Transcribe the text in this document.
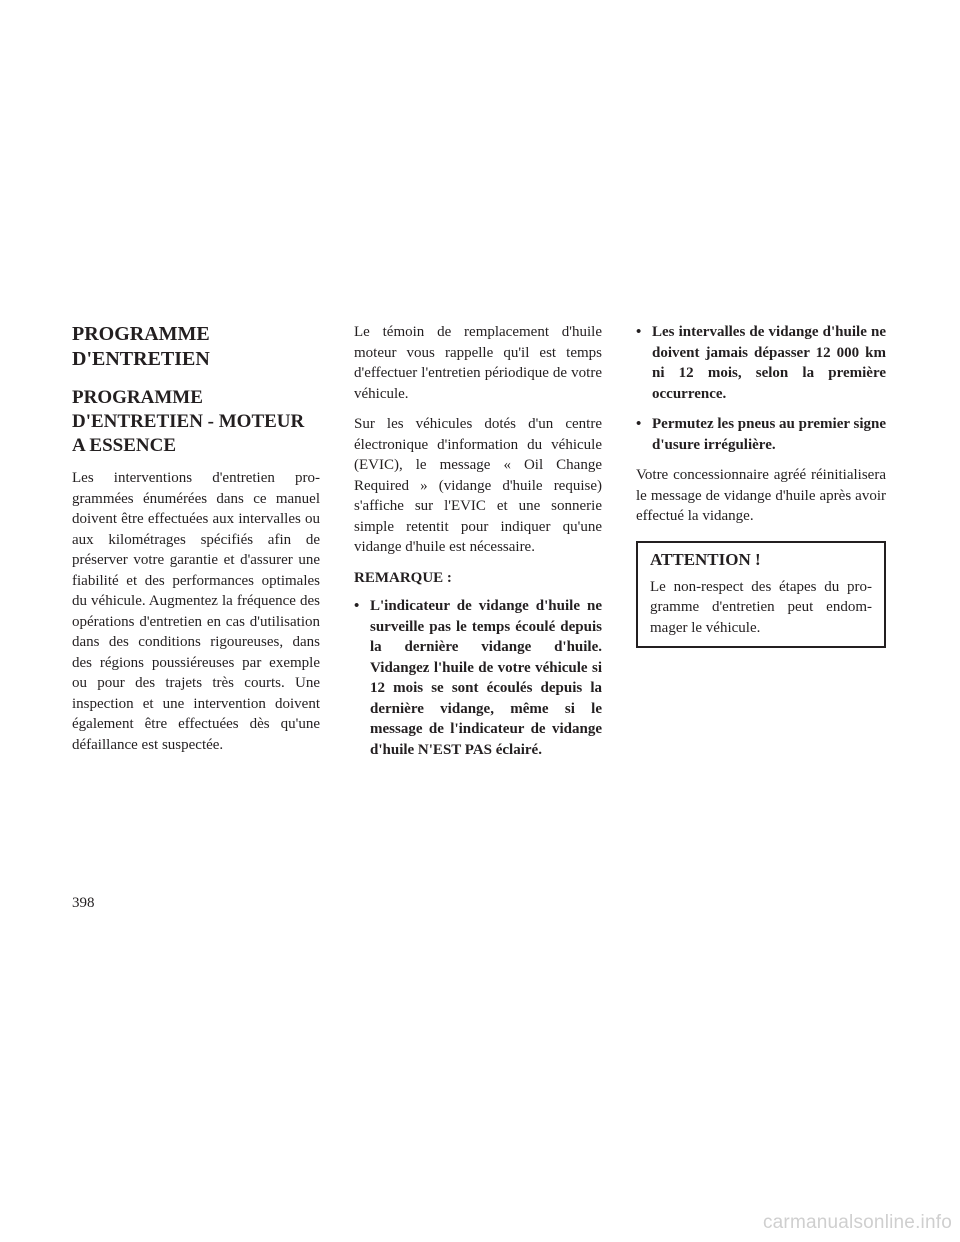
PROGRAMME D'ENTRETIEN
PROGRAMME D'ENTRETIEN - MOTEUR A ESSENCE

Les interventions d'entretien programmées énumérées dans ce manuel doivent être effectuées aux intervalles ou aux kilométrages spécifiés afin de préserver votre garantie et d'assurer une fiabilité et des performances optimales du véhicule. Augmentez la fréquence des opérations d'entretien en cas d'utilisation dans des conditions rigoureuses, dans des régions poussiéreuses par exemple ou pour des trajets très courts. Une inspection et une intervention doivent également être effectuées dès qu'une défaillance est suspectée.

Le témoin de remplacement d'huile moteur vous rappelle qu'il est temps d'effectuer l'entretien périodique de votre véhicule.

Sur les véhicules dotés d'un centre électronique d'information du véhicule (EVIC), le message « Oil Change Required » (vidange d'huile requise) s'affiche sur l'EVIC et une sonnerie simple retentit pour indiquer qu'une vidange d'huile est nécessaire.

REMARQUE :

• L'indicateur de vidange d'huile ne surveille pas le temps écoulé depuis la dernière vidange d'huile. Vidangez l'huile de votre véhicule si 12 mois se sont écoulés depuis la dernière vidange, même si le message de l'indicateur de vidange d'huile N'EST PAS éclairé.
• Les intervalles de vidange d'huile ne doivent jamais dépasser 12 000 km ni 12 mois, selon la première occurrence.
• Permutez les pneus au premier signe d'usure irrégulière.

Votre concessionnaire agréé réinitialisera le message de vidange d'huile après avoir effectué la vidange.

ATTENTION !

Le non-respect des étapes du programme d'entretien peut endommager le véhicule.

398
carmanualsonline.info
